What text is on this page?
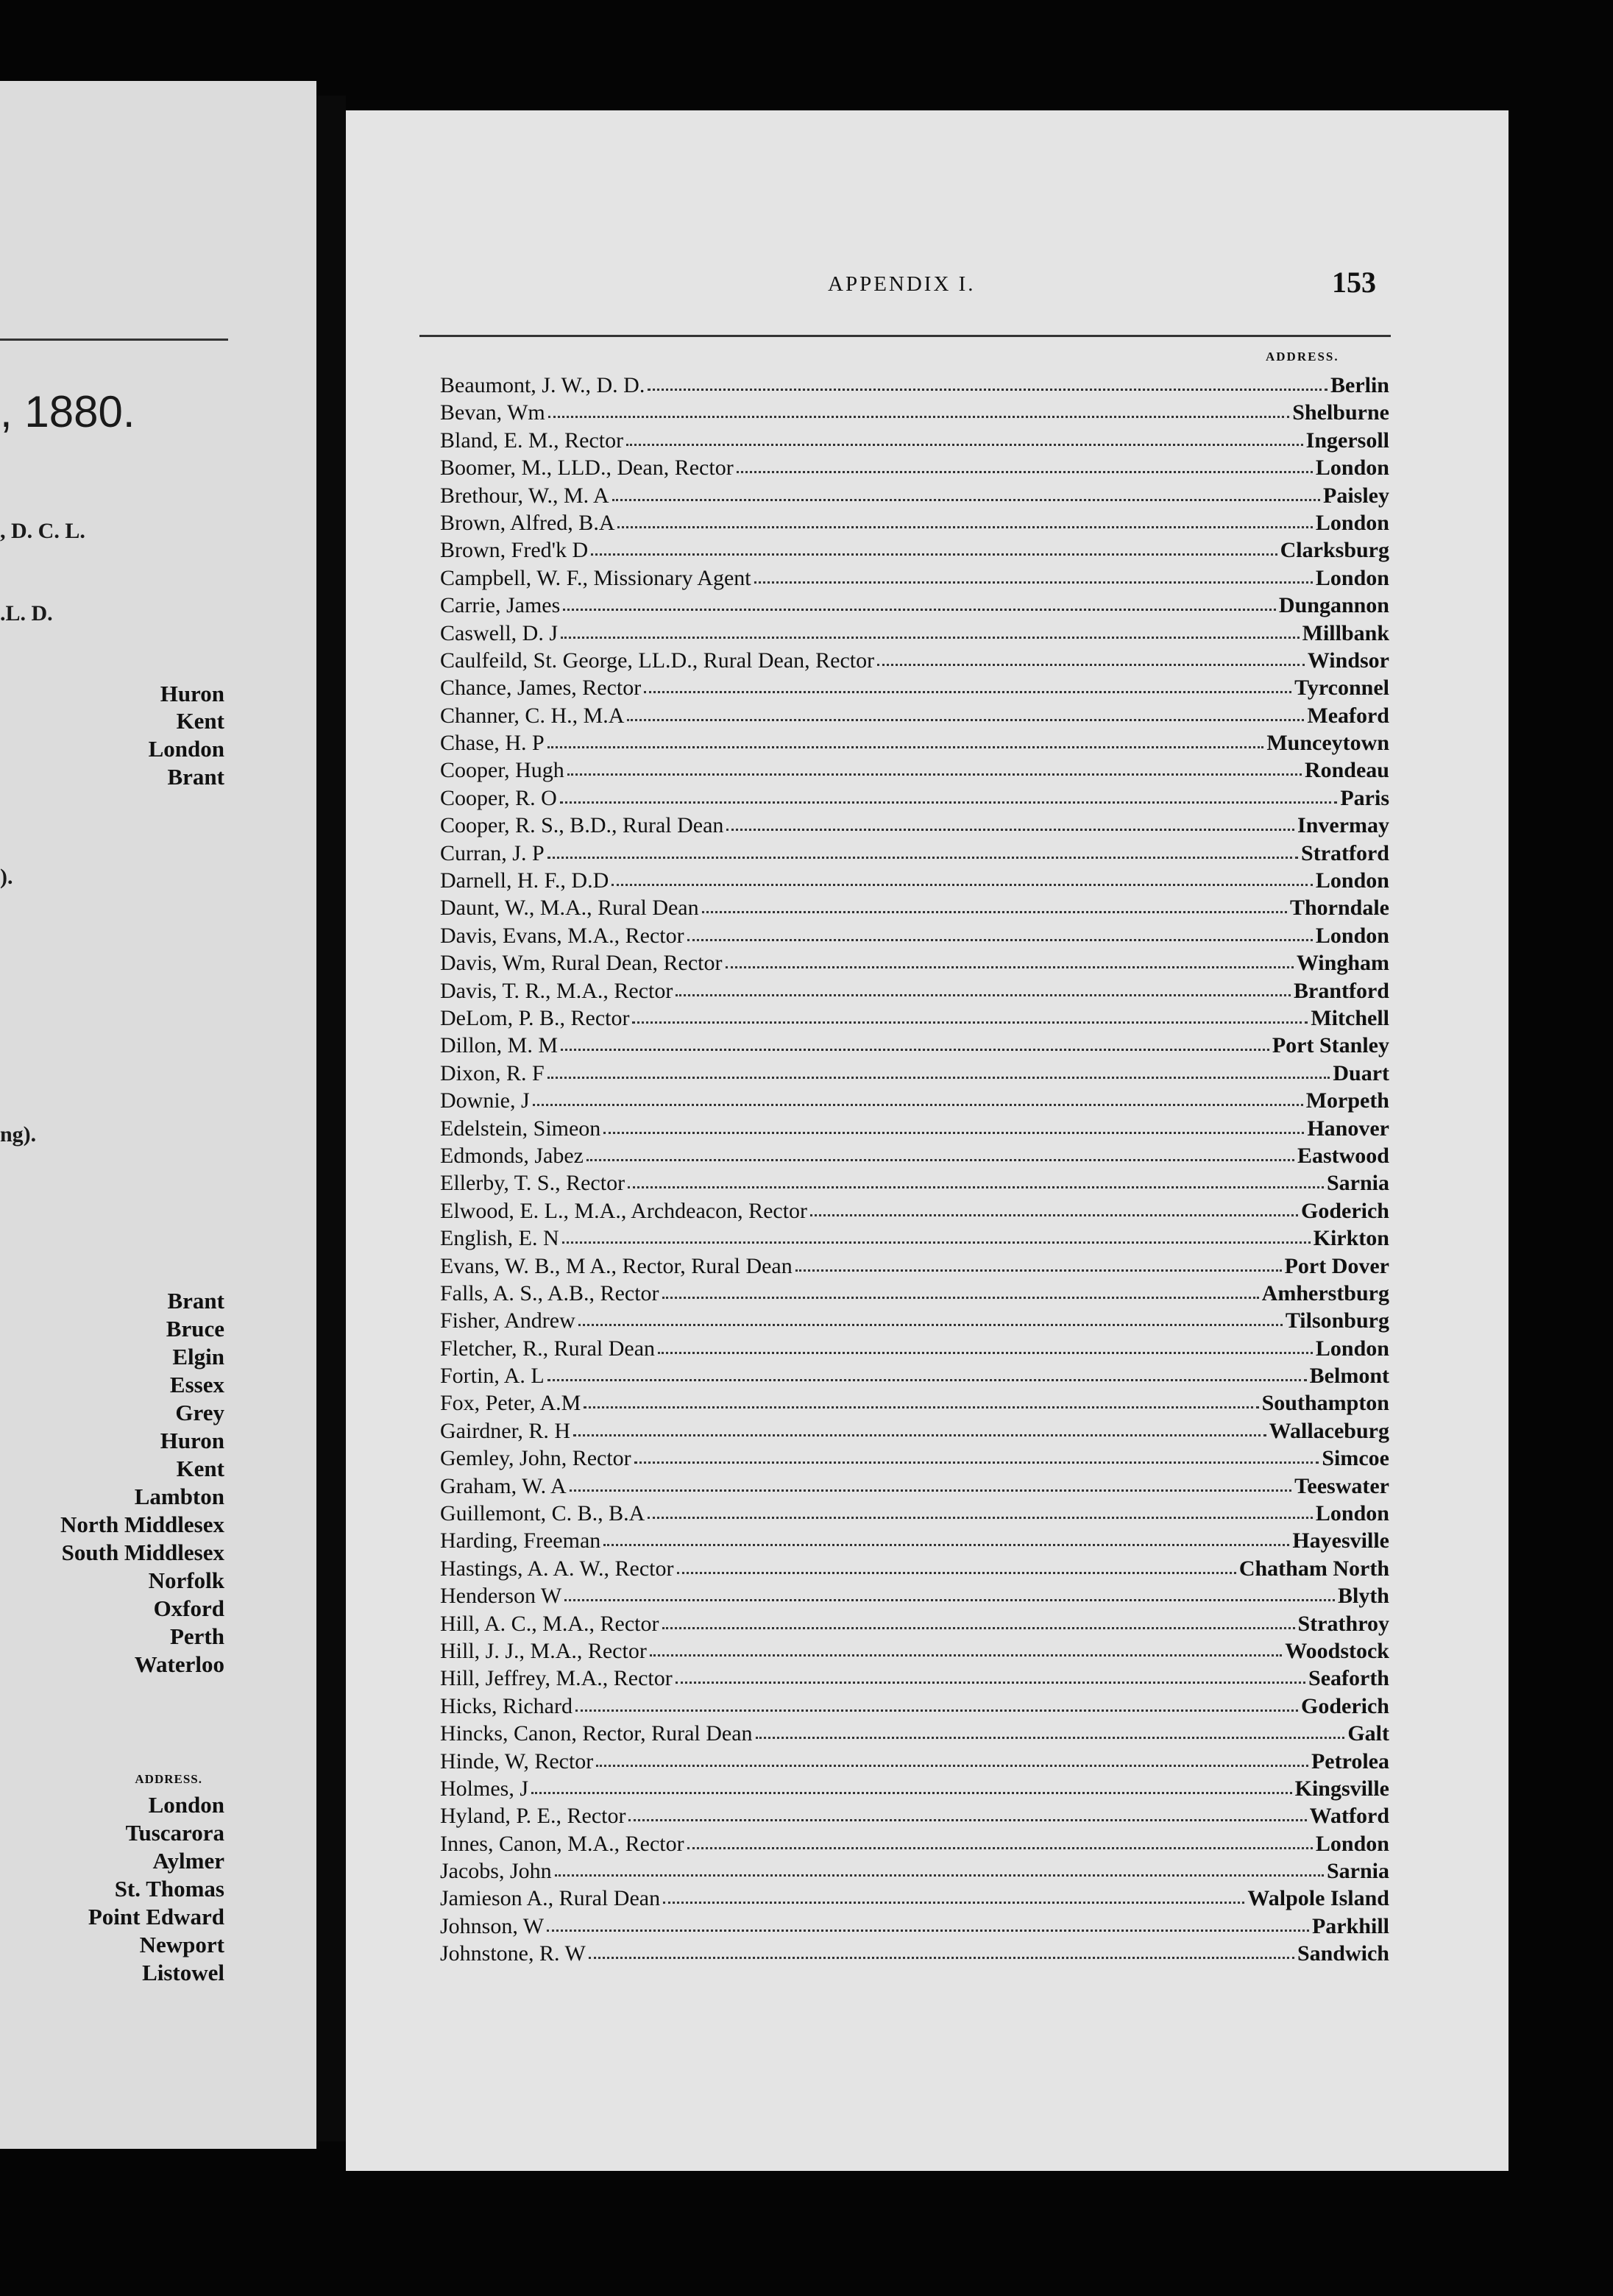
, 1880.
, D. C. L.
.L. D.
Huron
Kent
London
Brant
).
ng).
Brant
Bruce
Elgin
Essex
Grey
Huron
Kent
Lambton
North Middlesex
South Middlesex
Norfolk
Oxford
Perth
Waterloo
ADDRESS.
London
Tuscarora
Aylmer
St. Thomas
Point Edward
Newport
Listowel
APPENDIX I.	153
ADDRESS.
Beaumont, J. W., D. D.	Berlin
Bevan, Wm	Shelburne
Bland, E. M., Rector	Ingersoll
Boomer, M., LLD., Dean, Rector	London
Brethour, W., M. A	Paisley
Brown, Alfred, B.A	London
Brown, Fred'k D	Clarksburg
Campbell, W. F., Missionary Agent	London
Carrie, James	Dungannon
Caswell, D. J	Millbank
Caulfeild, St. George, LL.D., Rural Dean, Rector	Windsor
Chance, James, Rector	Tyrconnel
Channer, C. H., M.A	Meaford
Chase, H. P	Munceytown
Cooper, Hugh	Rondeau
Cooper, R. O	Paris
Cooper, R. S., B.D., Rural Dean	Invermay
Curran, J. P	Stratford
Darnell, H. F., D.D	London
Daunt, W., M.A., Rural Dean	Thorndale
Davis, Evans, M.A., Rector	London
Davis, Wm, Rural Dean, Rector	Wingham
Davis, T. R., M.A., Rector	Brantford
DeLom, P. B., Rector	Mitchell
Dillon, M. M	Port Stanley
Dixon, R. F	Duart
Downie, J	Morpeth
Edelstein, Simeon	Hanover
Edmonds, Jabez	Eastwood
Ellerby, T. S., Rector	Sarnia
Elwood, E. L., M.A., Archdeacon, Rector	Goderich
English, E. N	Kirkton
Evans, W. B., M A., Rector, Rural Dean	Port Dover
Falls, A. S., A.B., Rector	Amherstburg
Fisher, Andrew	Tilsonburg
Fletcher, R., Rural Dean	London
Fortin, A. L	Belmont
Fox, Peter, A.M	Southampton
Gairdner, R. H	Wallaceburg
Gemley, John, Rector	Simcoe
Graham, W. A	Teeswater
Guillemont, C. B., B.A	London
Harding, Freeman	Hayesville
Hastings, A. A. W., Rector	Chatham North
Henderson W	Blyth
Hill, A. C., M.A., Rector	Strathroy
Hill, J. J., M.A., Rector	Woodstock
Hill, Jeffrey, M.A., Rector	Seaforth
Hicks, Richard	Goderich
Hincks, Canon, Rector, Rural Dean	Galt
Hinde, W, Rector	Petrolea
Holmes, J	Kingsville
Hyland, P. E., Rector	Watford
Innes, Canon, M.A., Rector	London
Jacobs, John	Sarnia
Jamieson A., Rural Dean	Walpole Island
Johnson, W	Parkhill
Johnstone, R. W	Sandwich
